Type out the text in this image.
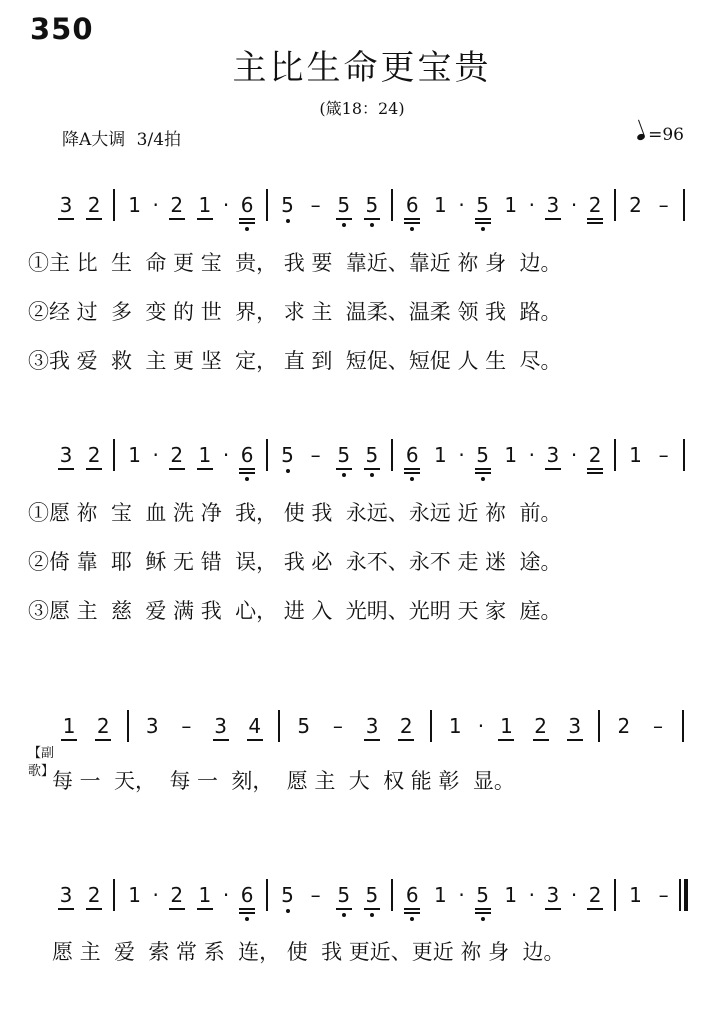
350
主比生命更宝贵
(箴18：24)
降A大调 3/4拍	=96
3 2 1 · 2 1 · 6 5 – 5 5 6 1 · 5 1 · 3 · 2 2 –
①主 比  生  命 更 宝  贵， 我 要  靠近、靠近 祢 身  边。
②经 过  多  变 的 世  界， 求 主  温柔、温柔 领 我  路。
③我 爱  救  主 更 坚  定， 直 到  短促、短促 人 生  尽。
3 2 1 · 2 1 · 6 5 – 5 5 6 1 · 5 1 · 3 · 2 1 –
①愿 祢  宝  血 洗 净  我， 使 我  永远、永远 近 祢  前。
②倚 靠  耶  稣 无 错  误， 我 必  永不、永不 走 迷  途。
③愿 主  慈  爱 满 我  心， 进 入  光明、光明 天 家  庭。
1 2 3	–	3 4 5	–	3 2 1 · 1 2 3 2	–
【副歌】
每 一  天，  每 一  刻，  愿 主  大  权 能 彰  显。
3 2 1 · 2 1 · 6 5 – 5 5 6 1 · 5 1 · 3 · 2 1 –
愿 主  爱  索 常 系  连， 使  我 更近、更近 祢 身  边。
